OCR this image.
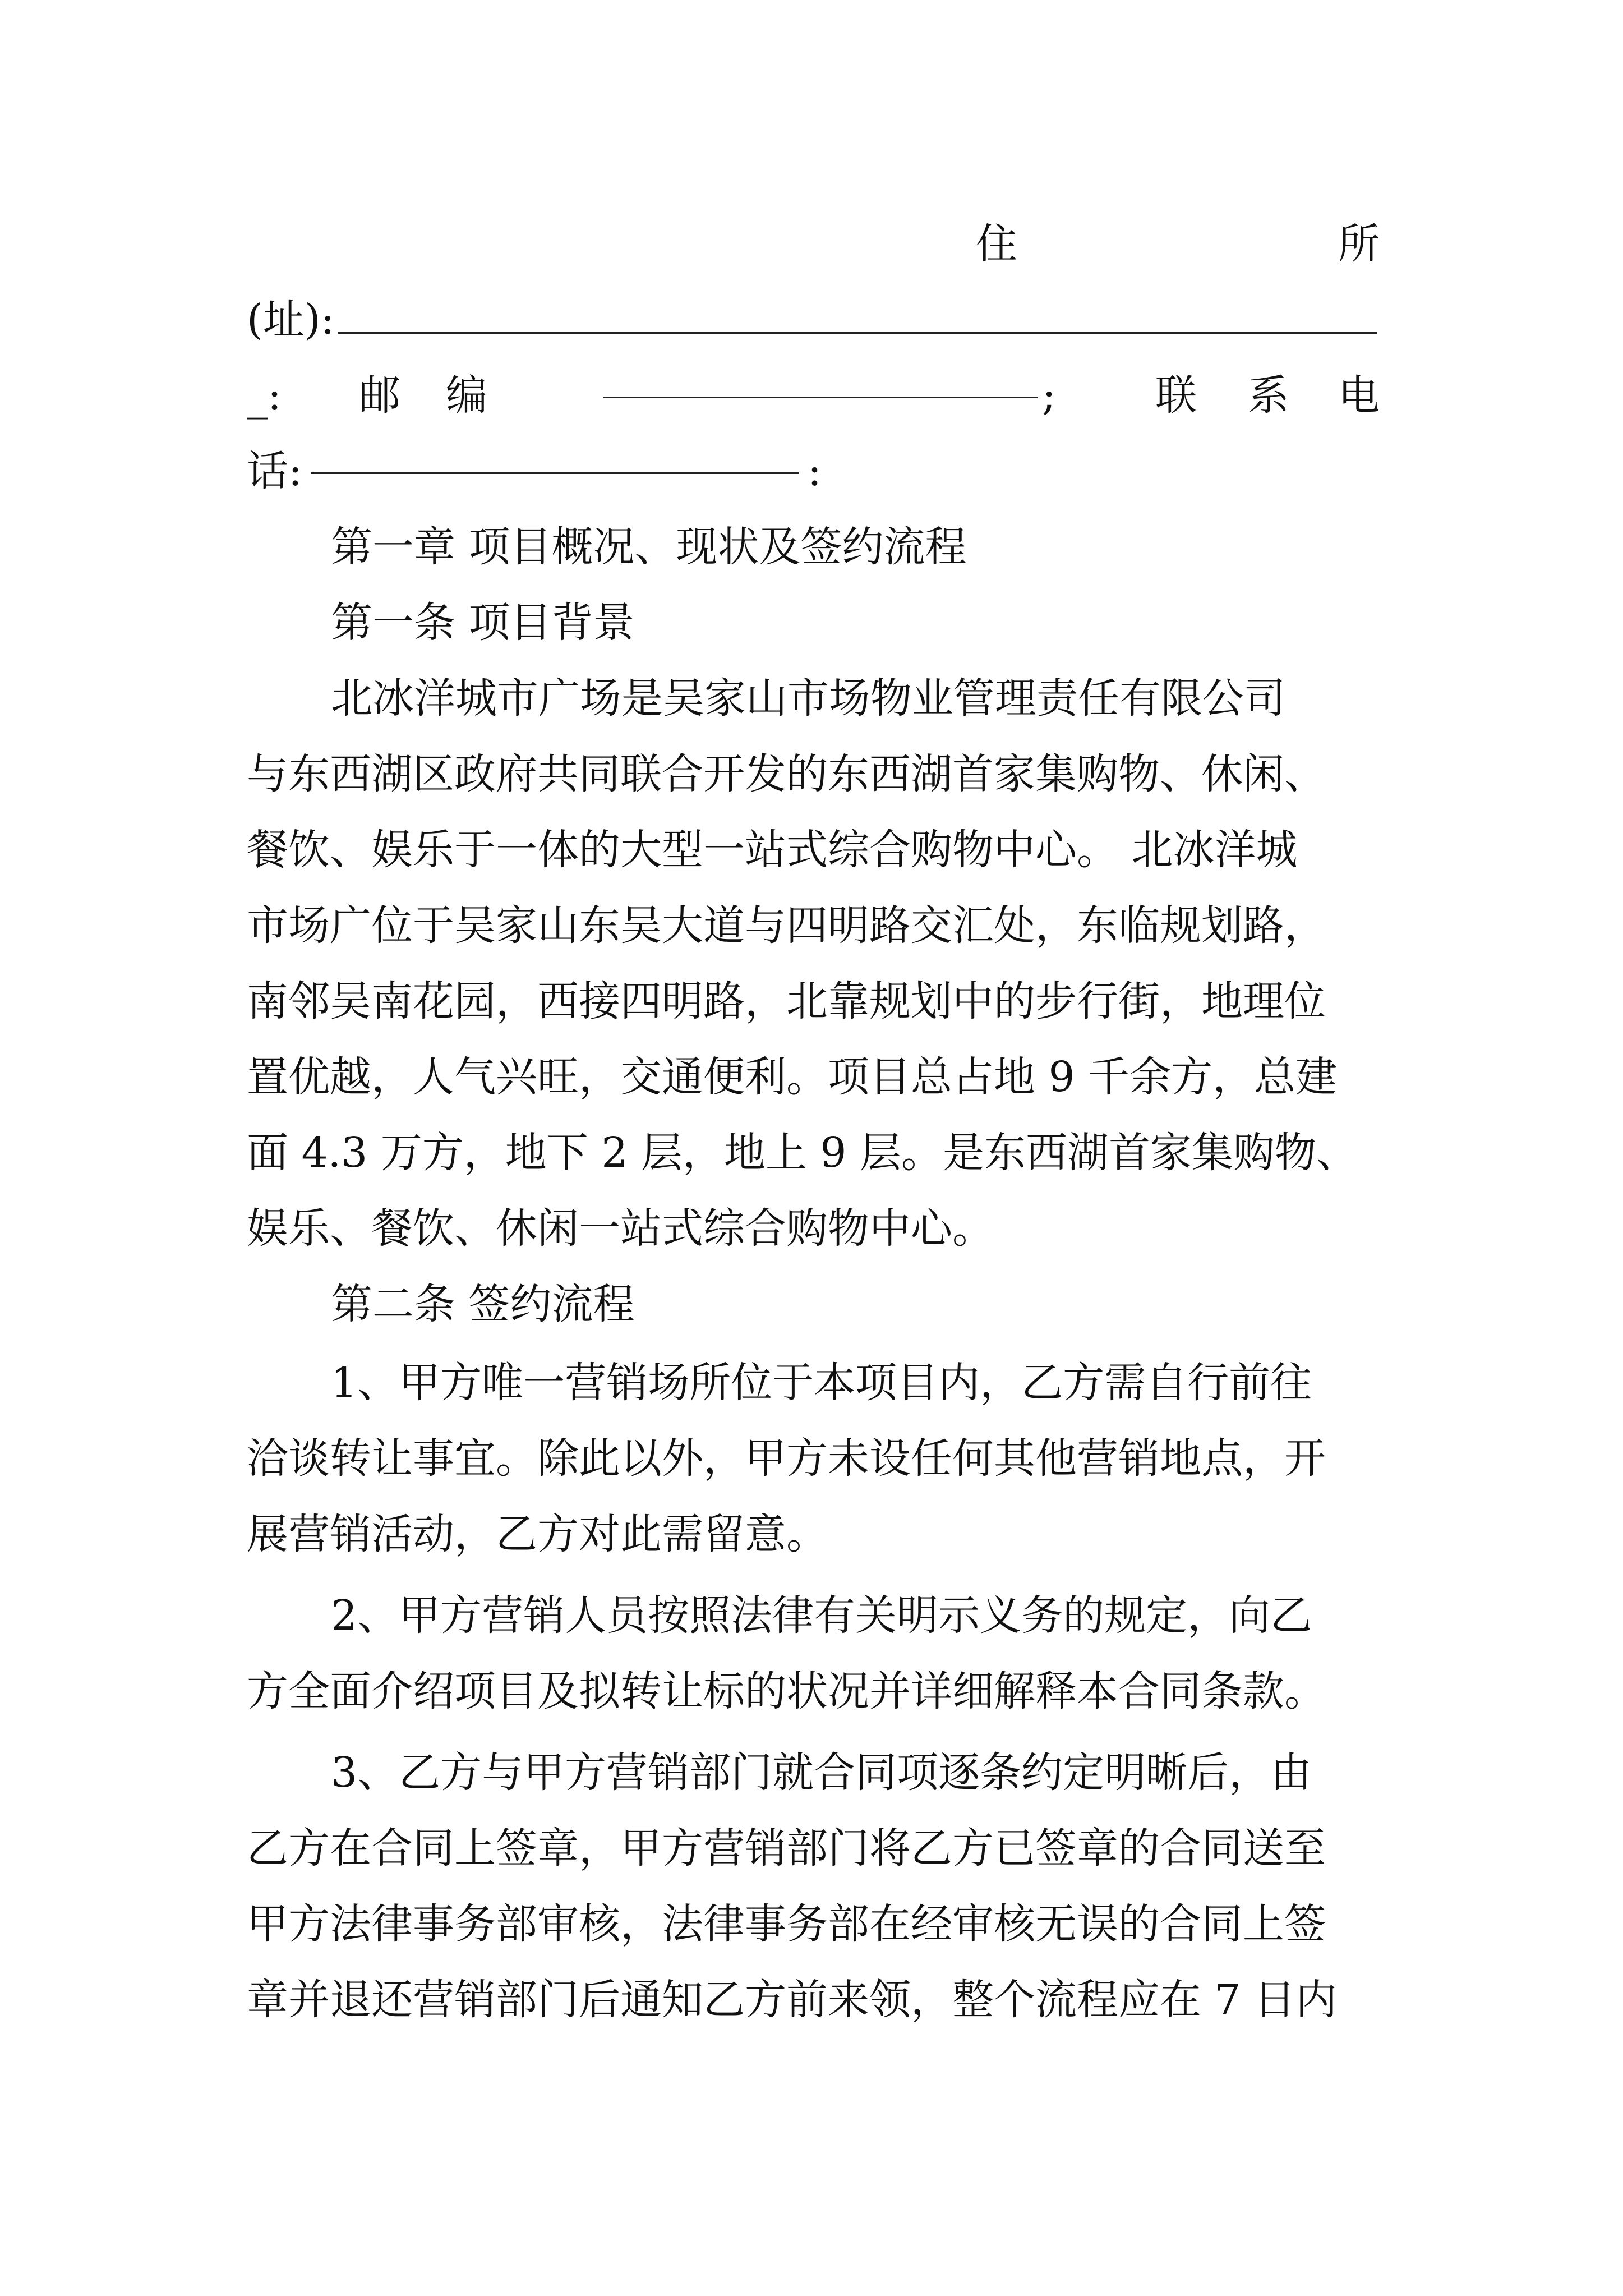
住	所
(址):
_: 邮 编	; 联 系 电
话:	:
第一章 项目概况、现状及签约流程
第一条 项目背景
北冰洋城市广场是吴家山市场物业管理责任有限公司
与东西湖区政府共同联合开发的东西湖首家集购物、休闲、
餐饮、娱乐于一体的大型一站式综合购物中心。 北冰洋城
市场广位于吴家山东吴大道与四明路交汇处，东临规划路，
南邻吴南花园，西接四明路，北靠规划中的步行街，地理位
置优越，人气兴旺，交通便利。项目总占地 9 千余方，总建
面 4.3 万方，地下 2 层，地上 9 层。是东西湖首家集购物、
娱乐、餐饮、休闲一站式综合购物中心。
第二条 签约流程
1、甲方唯一营销场所位于本项目内，乙方需自行前往
洽谈转让事宜。除此以外，甲方未设任何其他营销地点，开
展营销活动，乙方对此需留意。
2、甲方营销人员按照法律有关明示义务的规定，向乙
方全面介绍项目及拟转让标的状况并详细解释本合同条款。
3、乙方与甲方营销部门就合同项逐条约定明晰后，由
乙方在合同上签章，甲方营销部门将乙方已签章的合同送至
甲方法律事务部审核，法律事务部在经审核无误的合同上签
章并退还营销部门后通知乙方前来领，整个流程应在 7 日内
